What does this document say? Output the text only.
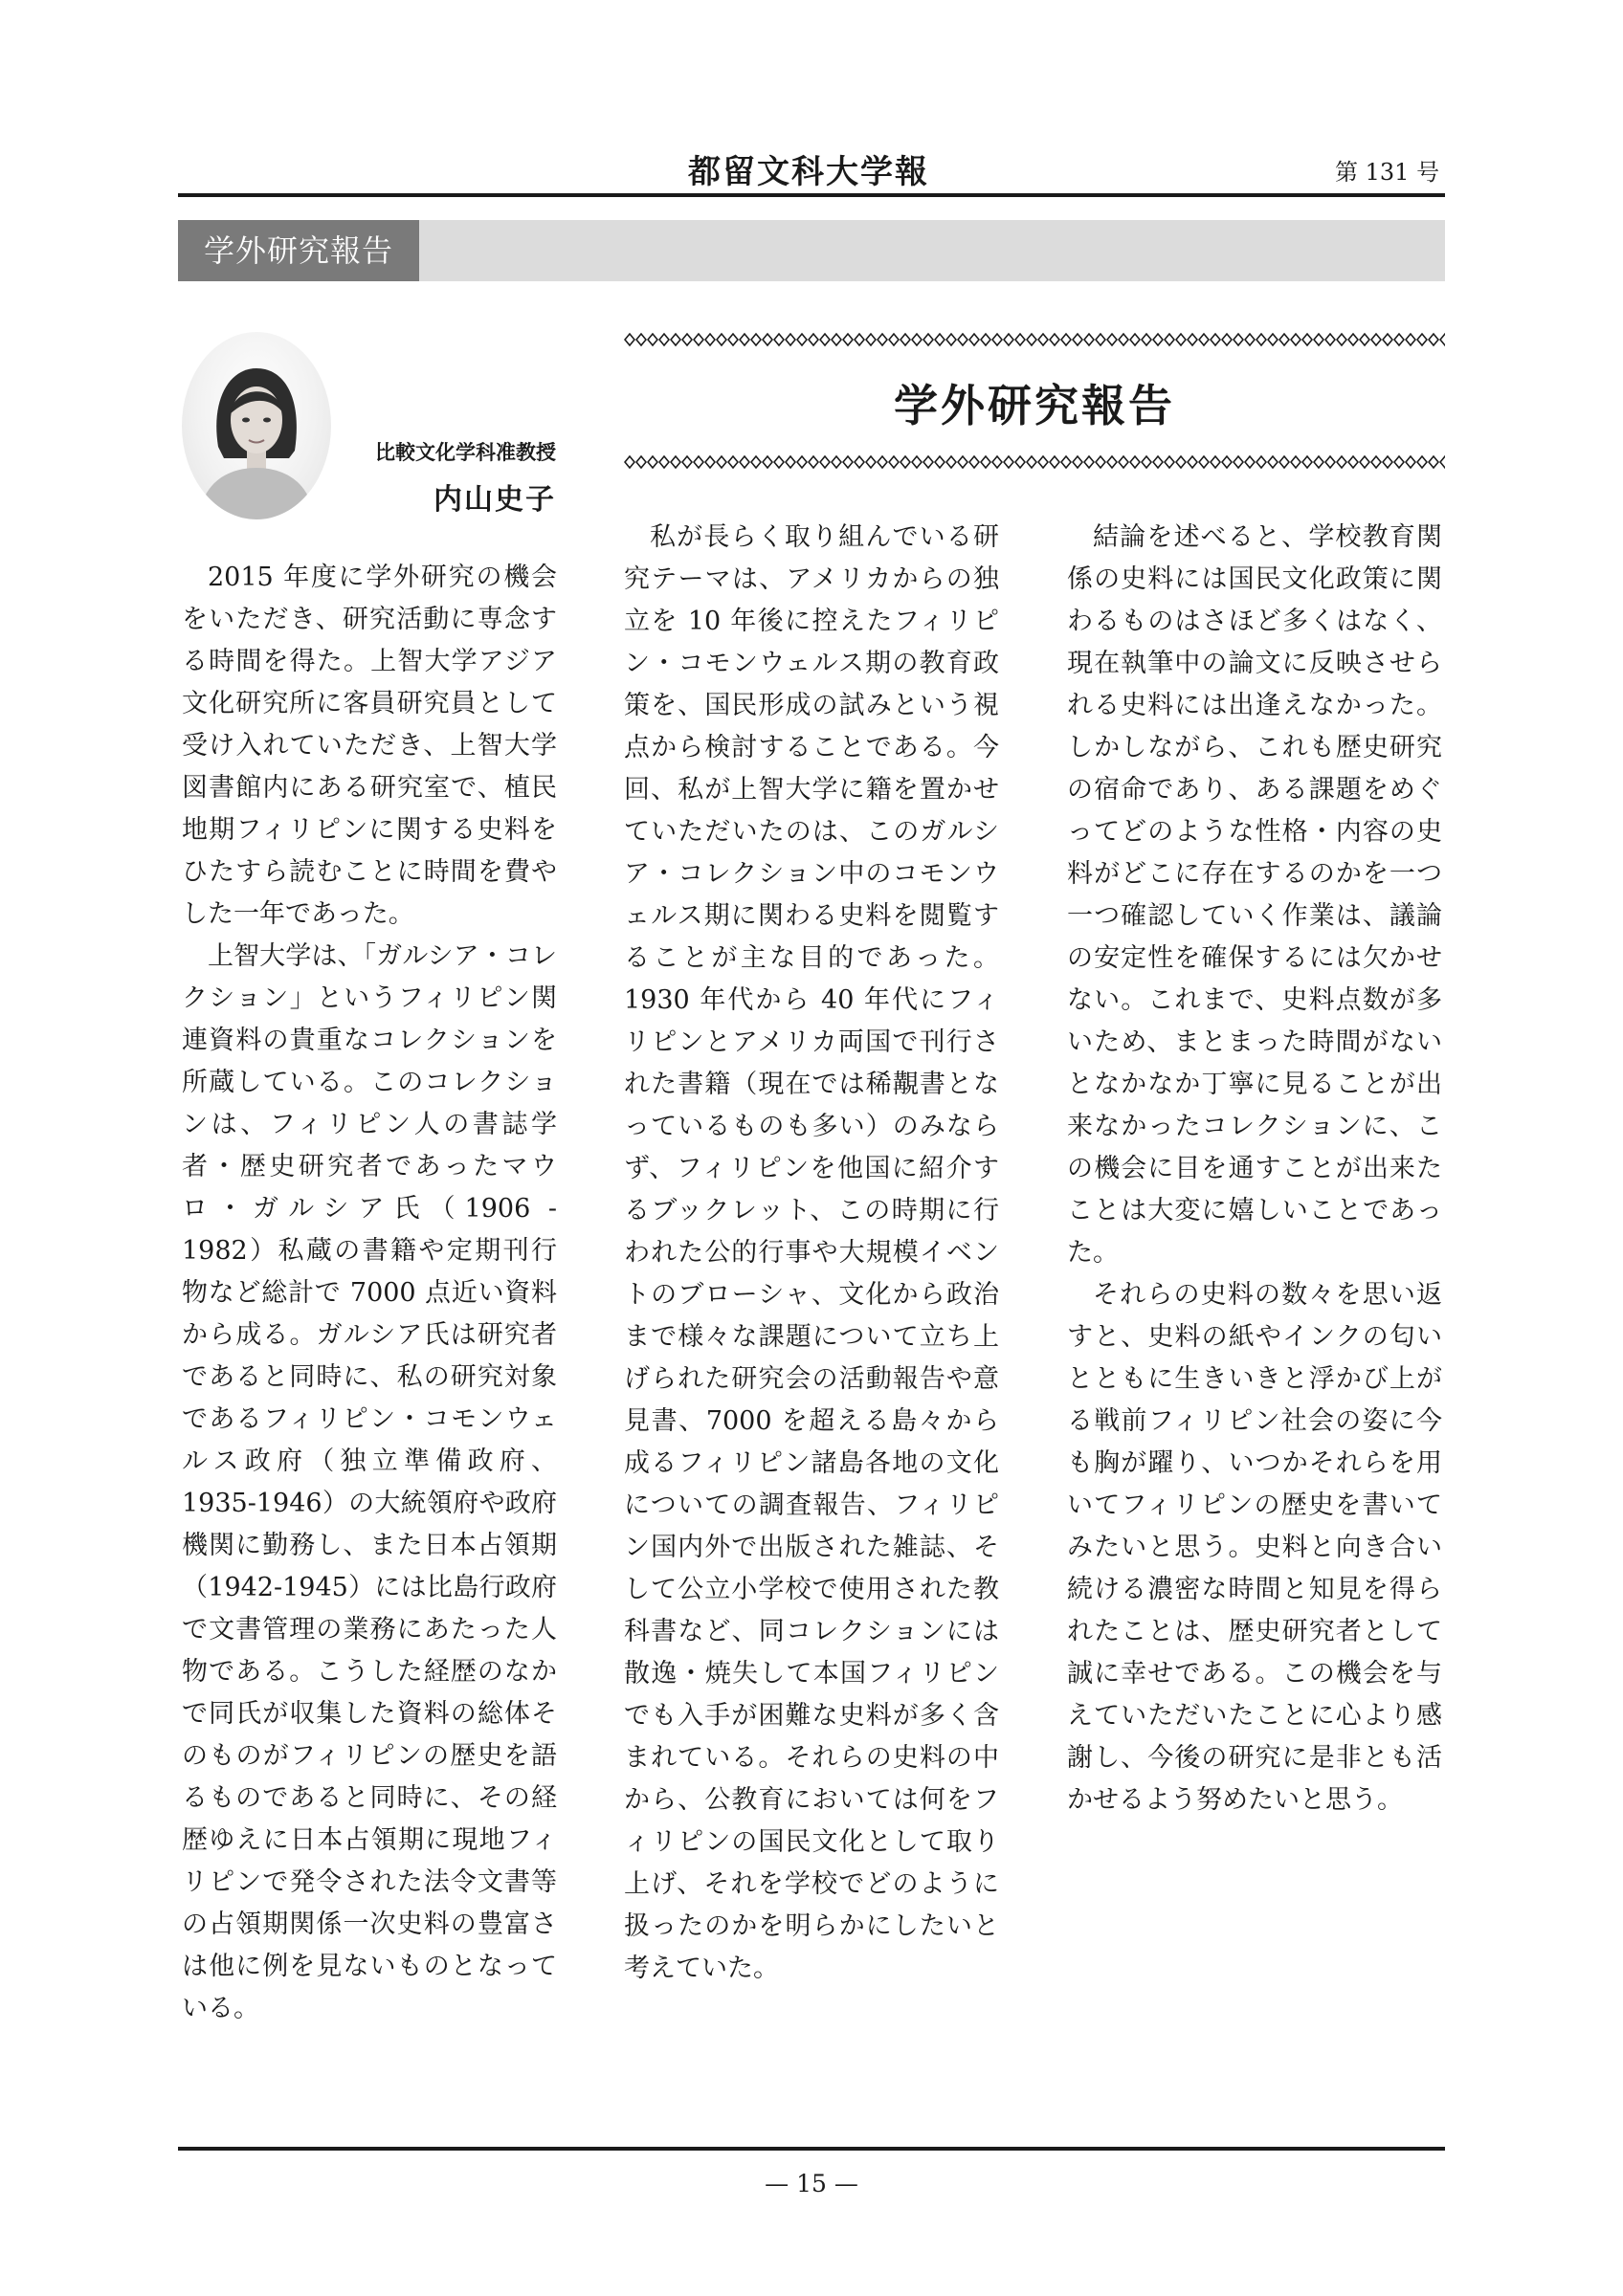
都留文科大学報	第 131 号
学外研究報告
比較文化学科准教授
内山史子
学外研究報告

2015 年度に学外研究の機会をいただき、研究活動に専念する時間を得た。上智大学アジア文化研究所に客員研究員として受け入れていただき、上智大学図書館内にある研究室で、植民地期フィリピンに関する史料をひたすら読むことに時間を費やした一年であった。

上智大学は、「ガルシア・コレクション」というフィリピン関連資料の貴重なコレクションを所蔵している。このコレクションは、フィリピン人の書誌学者・歴史研究者であったマウロ・ガルシア氏（1906 - 1982）私蔵の書籍や定期刊行物など総計で 7000 点近い資料から成る。ガルシア氏は研究者であると同時に、私の研究対象であるフィリピン・コモンウェルス政府（独立準備政府、1935-1946）の大統領府や政府機関に勤務し、また日本占領期（1942-1945）には比島行政府で文書管理の業務にあたった人物である。こうした経歴のなかで同氏が収集した資料の総体そのものがフィリピンの歴史を語るものであると同時に、その経歴ゆえに日本占領期に現地フィリピンで発令された法令文書等の占領期関係一次史料の豊富さは他に例を見ないものとなっている。

私が長らく取り組んでいる研究テーマは、アメリカからの独立を 10 年後に控えたフィリピン・コモンウェルス期の教育政策を、国民形成の試みという視点から検討することである。今回、私が上智大学に籍を置かせていただいたのは、このガルシア・コレクション中のコモンウェルス期に関わる史料を閲覧することが主な目的であった。1930 年代から 40 年代にフィリピンとアメリカ両国で刊行された書籍（現在では稀覯書となっているものも多い）のみならず、フィリピンを他国に紹介するブックレット、この時期に行われた公的行事や大規模イベントのブローシャ、文化から政治まで様々な課題について立ち上げられた研究会の活動報告や意見書、7000 を超える島々から成るフィリピン諸島各地の文化についての調査報告、フィリピン国内外で出版された雑誌、そして公立小学校で使用された教科書など、同コレクションには散逸・焼失して本国フィリピンでも入手が困難な史料が多く含まれている。それらの史料の中から、公教育においては何をフィリピンの国民文化として取り上げ、それを学校でどのように扱ったのかを明らかにしたいと考えていた。

結論を述べると、学校教育関係の史料には国民文化政策に関わるものはさほど多くはなく、現在執筆中の論文に反映させられる史料には出逢えなかった。しかしながら、これも歴史研究の宿命であり、ある課題をめぐってどのような性格・内容の史料がどこに存在するのかを一つ一つ確認していく作業は、議論の安定性を確保するには欠かせない。これまで、史料点数が多いため、まとまった時間がないとなかなか丁寧に見ることが出来なかったコレクションに、この機会に目を通すことが出来たことは大変に嬉しいことであった。

それらの史料の数々を思い返すと、史料の紙やインクの匂いとともに生きいきと浮かび上がる戦前フィリピン社会の姿に今も胸が躍り、いつかそれらを用いてフィリピンの歴史を書いてみたいと思う。史料と向き合い続ける濃密な時間と知見を得られたことは、歴史研究者として誠に幸せである。この機会を与えていただいたことに心より感謝し、今後の研究に是非とも活かせるよう努めたいと思う。

— 15 —
